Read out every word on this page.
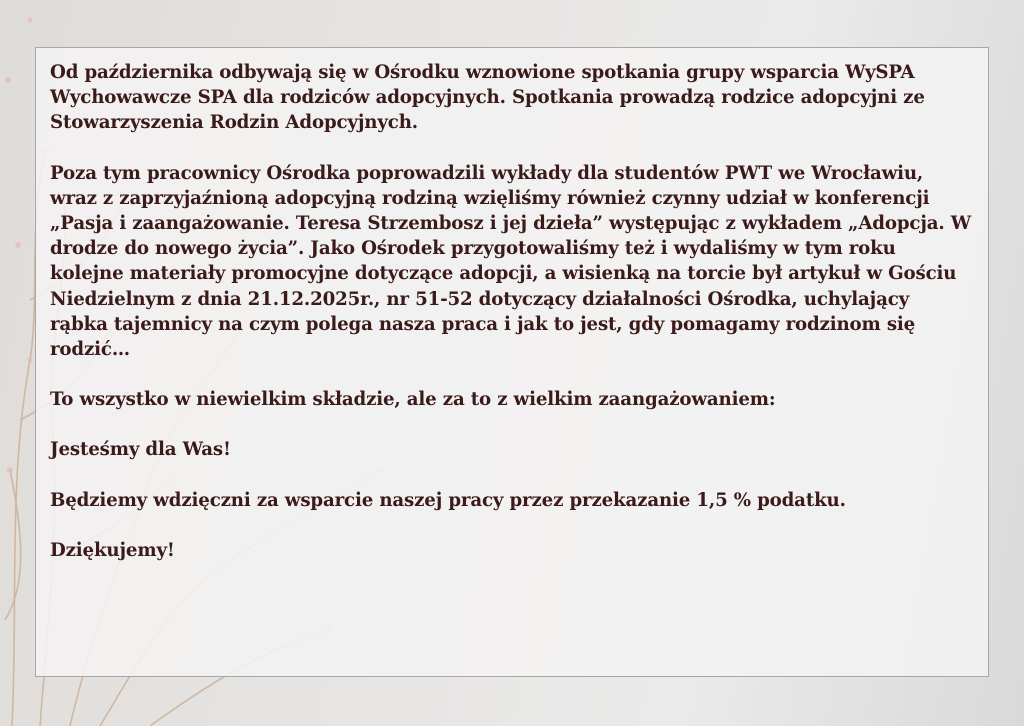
Od października odbywają się w Ośrodku wznowione spotkania grupy wsparcia WySPA Wychowawcze SPA dla rodziców adopcyjnych. Spotkania prowadzą rodzice adopcyjni ze Stowarzyszenia Rodzin Adopcyjnych.

Poza tym pracownicy Ośrodka poprowadzili wykłady dla studentów PWT we Wrocławiu, wraz z zaprzyjaźnioną adopcyjną rodziną wzięliśmy również czynny udział w konferencji „Pasja i zaangażowanie. Teresa Strzembosz i jej dzieła” występując z wykładem „Adopcja. W drodze do nowego życia”. Jako Ośrodek przygotowaliśmy też i wydaliśmy w tym roku kolejne materiały promocyjne dotyczące adopcji, a wisienką na torcie był artykuł w Gościu Niedzielnym z dnia 21.12.2025r., nr 51-52 dotyczący działalności Ośrodka, uchylający rąbka tajemnicy na czym polega nasza praca i jak to jest, gdy pomagamy rodzinom się rodzić…

To wszystko w niewielkim składzie, ale za to z wielkim zaangażowaniem:

Jesteśmy dla Was!

Będziemy wdzięczni za wsparcie naszej pracy przez przekazanie 1,5 % podatku.

Dziękujemy!
